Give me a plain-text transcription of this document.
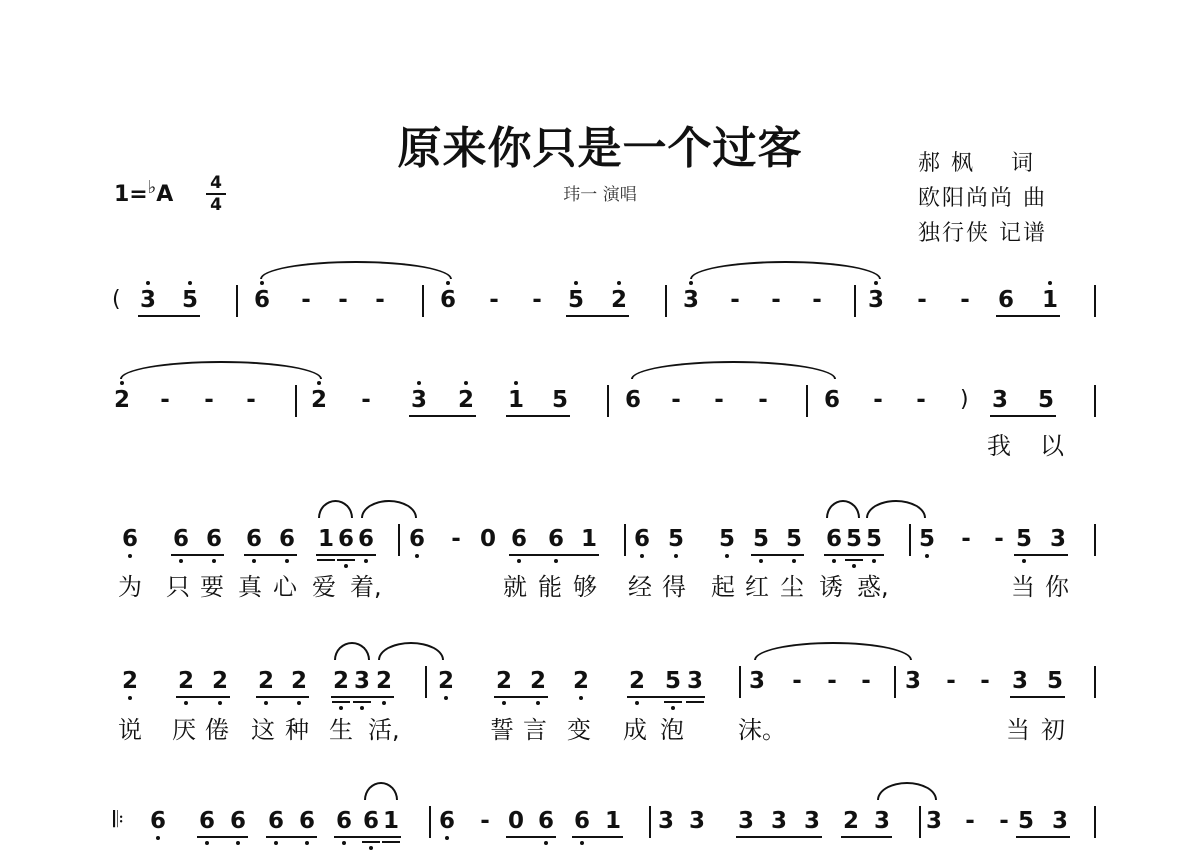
原来你只是一个过客
玮一 演唱
郝 枫    词
欧阳尚尚 曲
独行侠 记谱
1=♭A 4
4
( 3 5 6 - - - 6 - - 5 2 3 - - - 3 - - 6 1
2 - - - 2 - 3 2 1 5 6 - - - 6 - - ) 3 5
我 以
6 6 6 6 6 1 6 6 6 - 0 6 6 1 6 5 5 5 5 6 5 5 5 - - 5 3
为 只 要 真 心 爱 着,	就 能 够 经 得 起 红 尘 诱 惑,	当 你
2 2 2 2 2 2 3 2 2 2 2 2 2 5 3 3 - - - 3 - - 3 5
说 厌 倦 这 种 生 活,	誓 言 变 成 泡 沫。	当 初
𝄆 6 6 6 6 6 6 6 1 6 - 0 6 6 1 3 3 3 3 3 2 3 3 - - 5 3
